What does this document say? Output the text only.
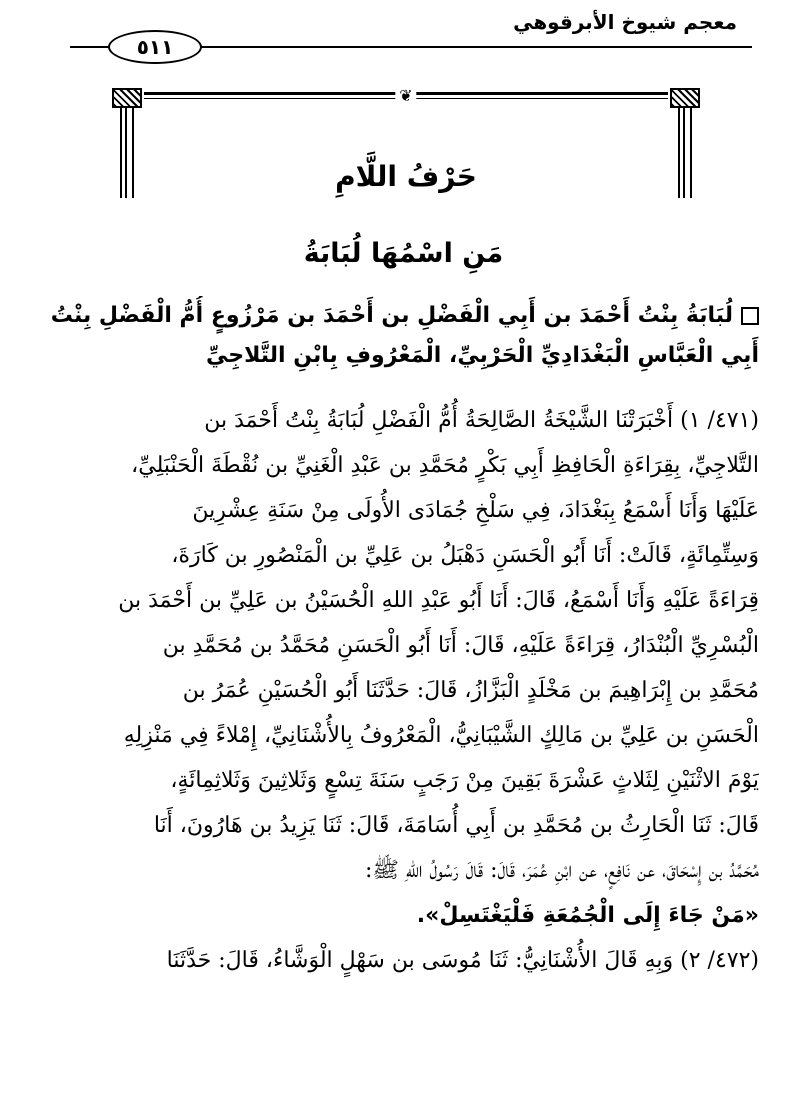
معجم شيوخ الأبرقوهي
٥١١
❦
حَرْفُ اللَّامِ
مَنِ اسْمُهَا لُبَابَةُ
لُبَابَةُ بِنْتُ أَحْمَدَ بن أَبِي الْفَضْلِ بن أَحْمَدَ بن مَرْزُوعٍ أُمُّ الْفَضْلِ بِنْتُ
أَبِي الْعَبَّاسِ الْبَغْدَادِيِّ الْحَرْبِيِّ، الْمَعْرُوفِ بِابْنِ التَّلاجِيِّ
(٤٧١/ ١) أَخْبَرَتْنَا الشَّيْخَةُ الصَّالِحَةُ أُمُّ الْفَضْلِ لُبَابَةُ بِنْتُ أَحْمَدَ بن
التَّلاجِيِّ، بِقِرَاءَةِ الْحَافِظِ أَبِي بَكْرٍ مُحَمَّدِ بن عَبْدِ الْغَنِيِّ بن نُقْطَةَ الْحَنْبَلِيِّ،
عَلَيْهَا وَأَنَا أَسْمَعُ بِبَغْدَادَ، فِي سَلْخِ جُمَادَى الأُولَى مِنْ سَنَةِ عِشْرِينَ
وَسِتِّمِائَةٍ، قَالَتْ: أَنَا أَبُو الْحَسَنِ دَهْبَلُ بن عَلِيِّ بن الْمَنْصُورِ بن كَارَةَ،
قِرَاءَةً عَلَيْهِ وَأَنَا أَسْمَعُ، قَالَ: أَنَا أَبُو عَبْدِ اللهِ الْحُسَيْنُ بن عَلِيِّ بن أَحْمَدَ بن
الْبُسْرِيِّ الْبُنْدَارُ، قِرَاءَةً عَلَيْهِ، قَالَ: أَنَا أَبُو الْحَسَنِ مُحَمَّدُ بن مُحَمَّدِ بن
مُحَمَّدِ بن إِبْرَاهِيمَ بن مَخْلَدٍ الْبَزَّازُ، قَالَ: حَدَّثَنَا أَبُو الْحُسَيْنِ عُمَرُ بن
الْحَسَنِ بن عَلِيِّ بن مَالِكٍ الشَّيْبَانِيُّ، الْمَعْرُوفُ بِالأُشْنَانِيِّ، إِمْلاءً فِي مَنْزِلِهِ
يَوْمَ الاثْنَيْنِ لِثَلاثٍ عَشْرَةَ بَقِينَ مِنْ رَجَبٍ سَنَةَ تِسْعٍ وَثَلاثِينَ وَثَلاثِمِائَةٍ،
قَالَ: ثَنَا الْحَارِثُ بن مُحَمَّدِ بن أَبِي أُسَامَةَ، قَالَ: ثَنَا يَزِيدُ بن هَارُونَ، أَنَا
مُحَمَّدُ بن إِسْحَاقَ، عن نَافِعٍ، عن ابْنِ عُمَرَ، قَالَ: قَالَ رَسُولُ اللهِ ﷺ:
«مَنْ جَاءَ إِلَى الْجُمُعَةِ فَلْيَغْتَسِلْ».
(٤٧٢/ ٢) وَبِهِ قَالَ الأُشْنَانِيُّ: ثَنَا مُوسَى بن سَهْلٍ الْوَشَّاءُ، قَالَ: حَدَّثَنَا
